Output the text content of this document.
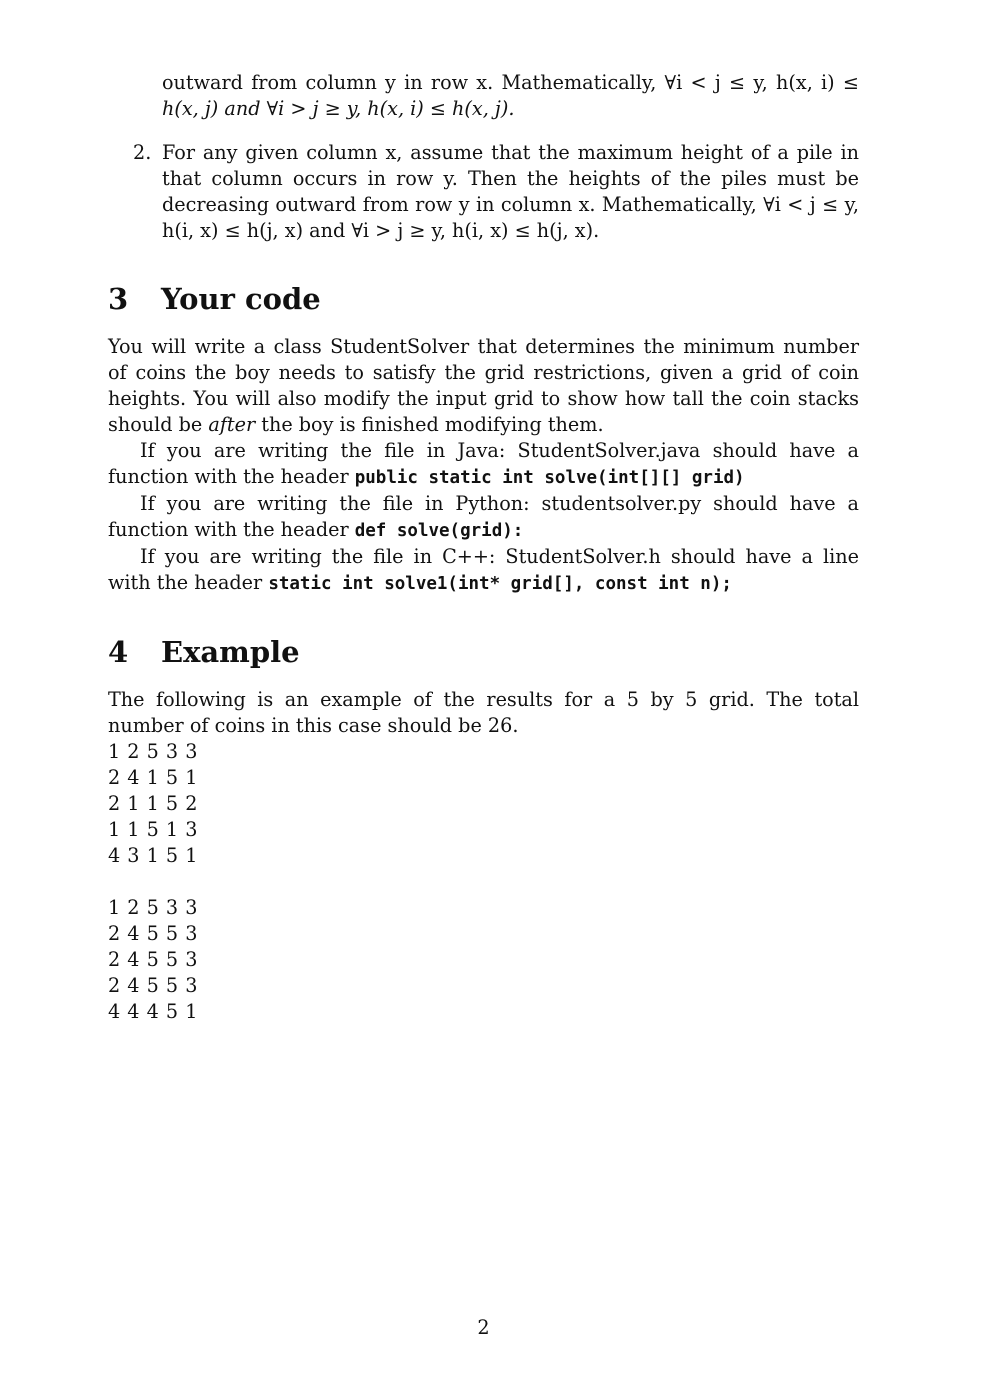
outward from column y in row x. Mathematically, ∀i < j ≤ y, h(x, i) ≤
h(x, j) and ∀i > j ≥ y, h(x, i) ≤ h(x, j).
2. For any given column x, assume that the maximum height of a pile in that column occurs in row y. Then the heights of the piles must be decreasing outward from row y in column x. Mathematically, ∀i < j ≤ y, h(i, x) ≤ h(j, x) and ∀i > j ≥ y, h(i, x) ≤ h(j, x).
3	Your code
You will write a class StudentSolver that determines the minimum number of coins the boy needs to satisfy the grid restrictions, given a grid of coin heights. You will also modify the input grid to show how tall the coin stacks should be after the boy is finished modifying them.
If you are writing the file in Java: StudentSolver.java should have a function with the header public static int solve(int[][] grid)
If you are writing the file in Python: studentsolver.py should have a function with the header def solve(grid):
If you are writing the file in C++: StudentSolver.h should have a line with the header static int solve1(int* grid[], const int n);
4	Example
The following is an example of the results for a 5 by 5 grid. The total number of coins in this case should be 26.
1 2 5 3 3
2 4 1 5 1
2 1 1 5 2
1 1 5 1 3
4 3 1 5 1
1 2 5 3 3
2 4 5 5 3
2 4 5 5 3
2 4 5 5 3
4 4 4 5 1
2
